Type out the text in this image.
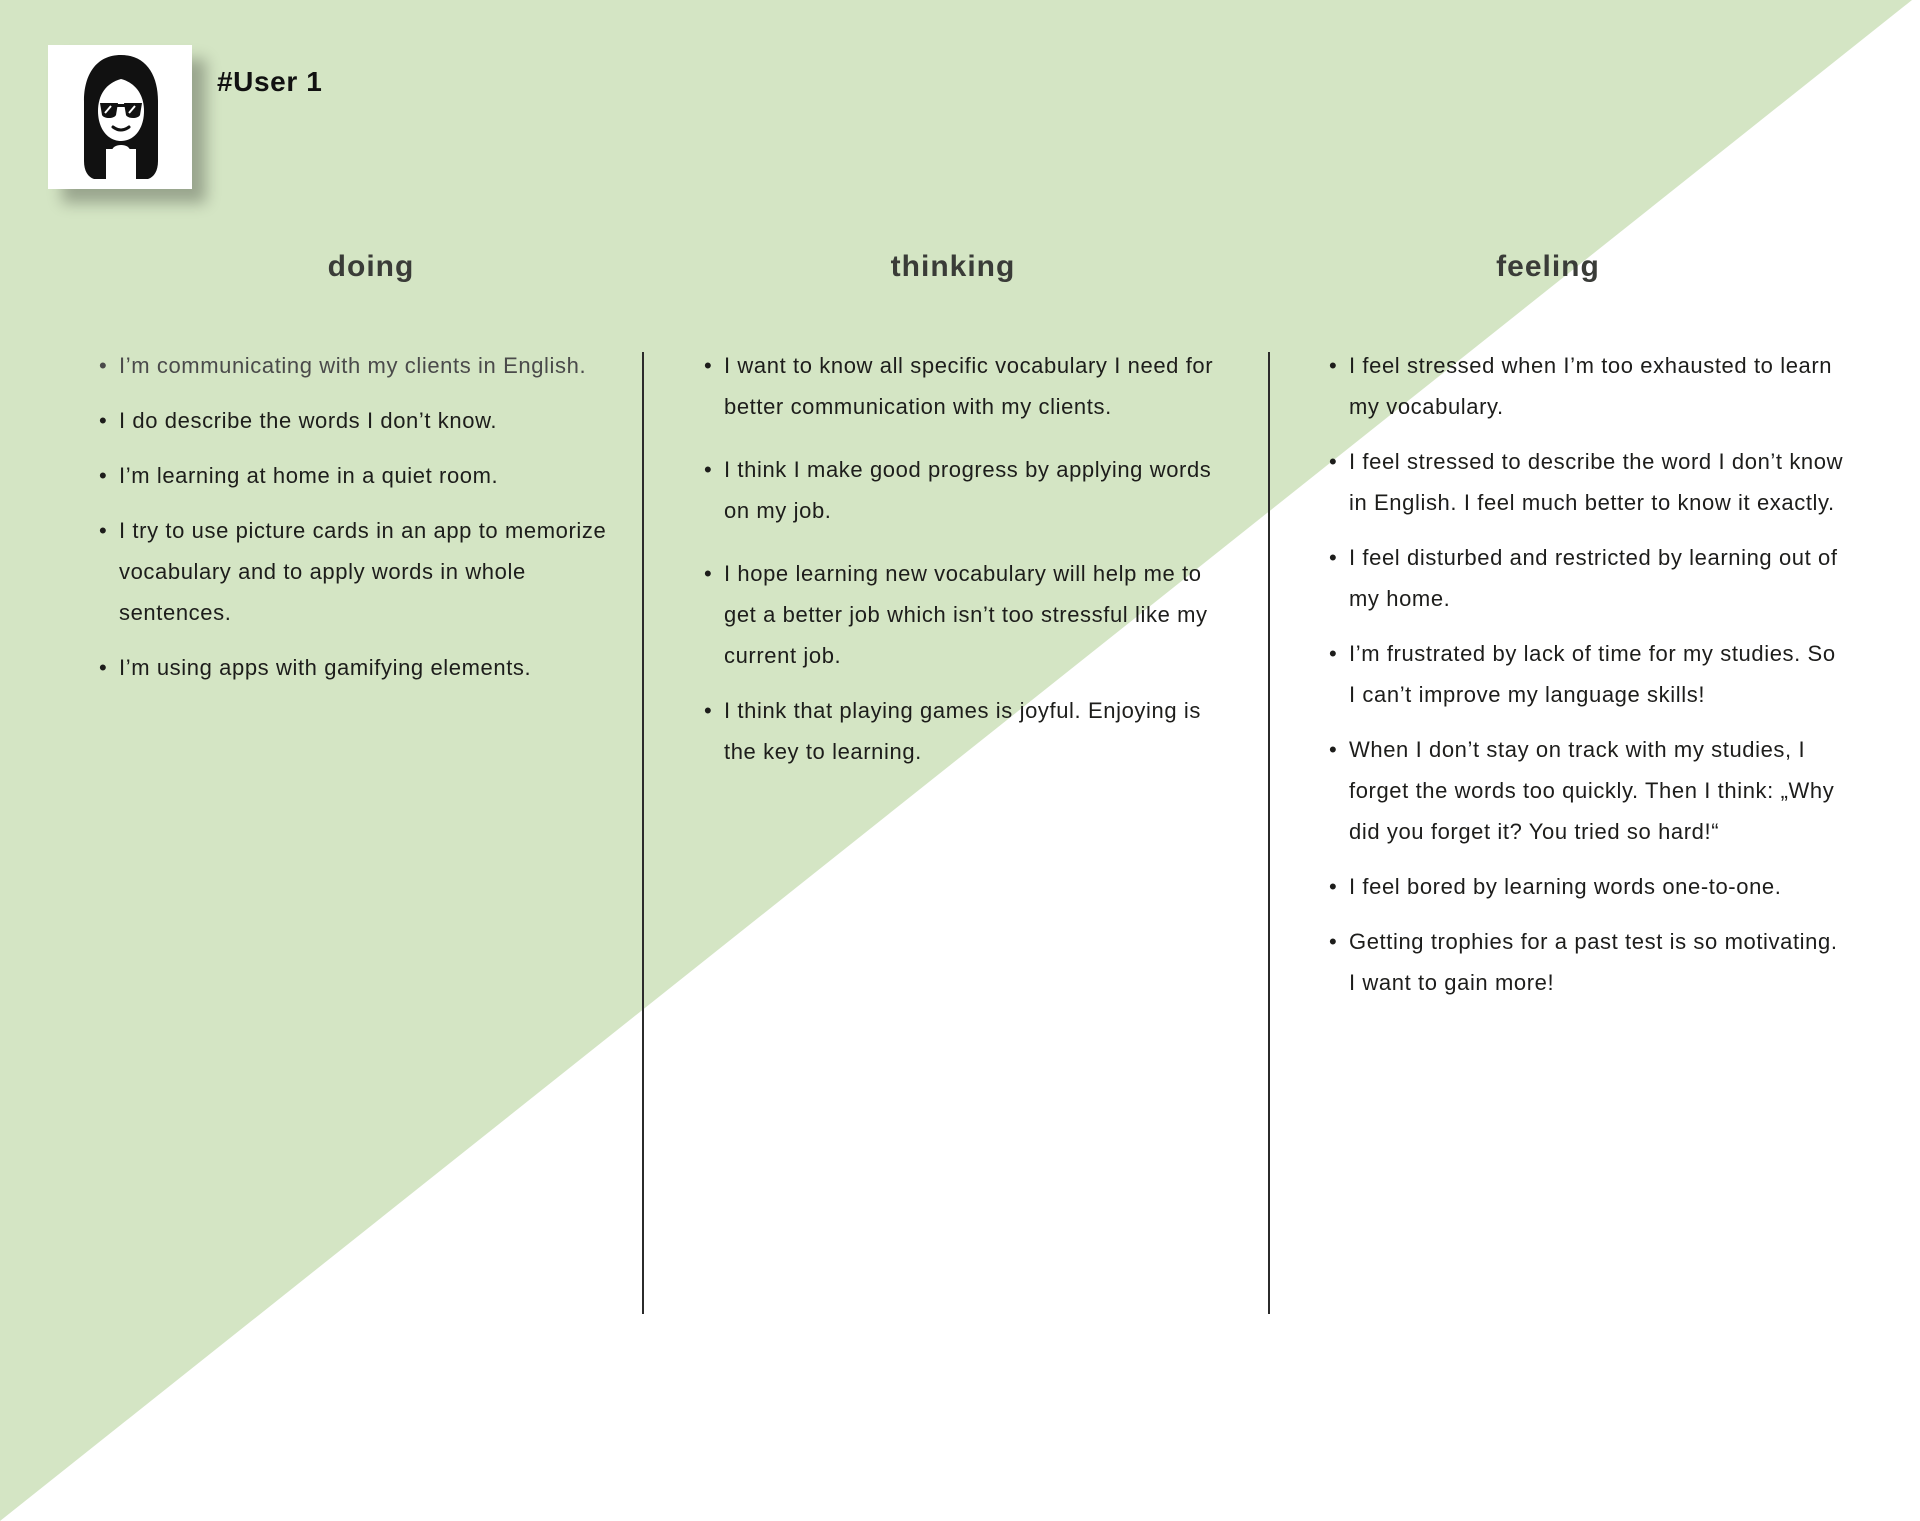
#User 1
doing	thinking	feeling
• I’m communicating with my clients in English.
• I do describe the words I don’t know.
• I’m learning at home in a quiet room.
• I try to use picture cards in an app to memorize vocabulary and to apply words in whole sentences.
• I’m using apps with gamifying elements.
• I want to know all specific vocabulary I need for better communication with my clients.
• I think I make good progress by applying words on my job.
• I hope learning new vocabulary will help me to get a better job which isn’t too stressful like my current job.
• I think that playing games is joyful. Enjoying is the key to learning.
• I feel stressed when I’m too exhausted to learn my vocabulary.
• I feel stressed to describe the word I don’t know in English. I feel much better to know it exactly.
• I feel disturbed and restricted by learning out of my home.
• I’m frustrated by lack of time for my studies. So I can’t improve my language skills!
• When I don’t stay on track with my studies, I forget the words too quickly. Then I think: „Why did you forget it? You tried so hard!“
• I feel bored by learning words one-to-one.
• Getting trophies for a past test is so motivating. I want to gain more!
